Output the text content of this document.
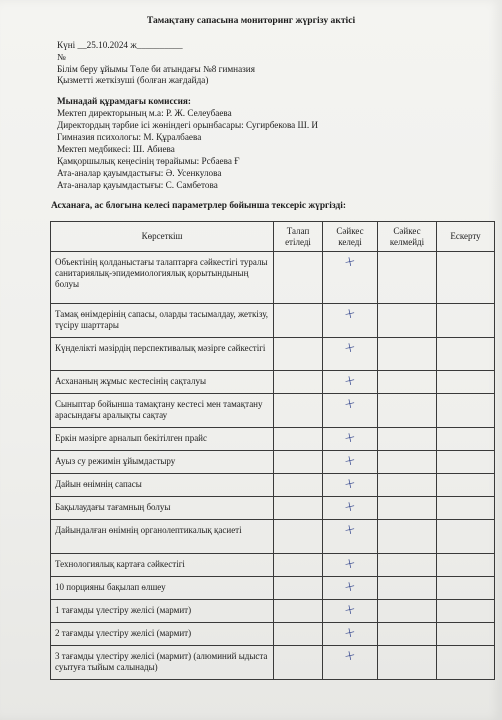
Тамақтану сапасына мониторинг жүргізу актісі
Күні __25.10.2024 ж__________
№
Білім беру ұйымы Төле би атындағы №8 гимназия
Қызметті жеткізуші (болған жағдайда)
Мынадай құрамдағы комиссия:
Мектеп директорының м.а: Р. Ж. Селеубаева
Директордың тәрбие ісі жөніндегі орынбасары: Сугирбекова Ш. И
Гимназия психологы: М. Құралбаева
Мектеп медбикесі: Ш. Абиева
Қамқоршылық кеңесінің төрайымы: Рсбаева Ғ
Ата-аналар қауымдастығы: Ә. Усенкулова
Ата-аналар қауымдастығы: С. Самбетова
Асханаға, ас блогына келесі параметрлер бойынша тексеріс жүргізді:
Көрсеткіш	Талап етіледі	Сәйкес келеді	Сәйкес келмейді	Ескерту
Объектінің қолданыстағы талаптарға сәйкестігі туралы санитариялық-эпидемиологиялық қорытындының болуы		+		
Тамақ өнімдерінің сапасы, оларды тасымалдау, жеткізу, түсіру шарттары		+		
Күнделікті мәзірдің перспективалық мәзірге сәйкестігі		+		
Асхананың жұмыс кестесінің сақталуы		+		
Сыныптар бойынша тамақтану кестесі мен тамақтану арасындағы аралықты сақтау		+		
Еркін мәзірге арналып бекітілген прайс		+		
Ауыз су режимін ұйымдастыру		+		
Дайын өнімнің сапасы		+		
Бақылаудағы тағамның болуы		+		
Дайындалған өнімнің органолептикалық қасиеті		+		
Технологиялық картаға сәйкестігі		+		
10 порцияны бақылап өлшеу		+		
1 тағамды үлестіру желісі (мармит)		+		
2 тағамды үлестіру желісі (мармит)		+		
3 тағамды үлестіру желісі (мармит) (алюминий ыдыста суытуға тыйым салынады)		+		
